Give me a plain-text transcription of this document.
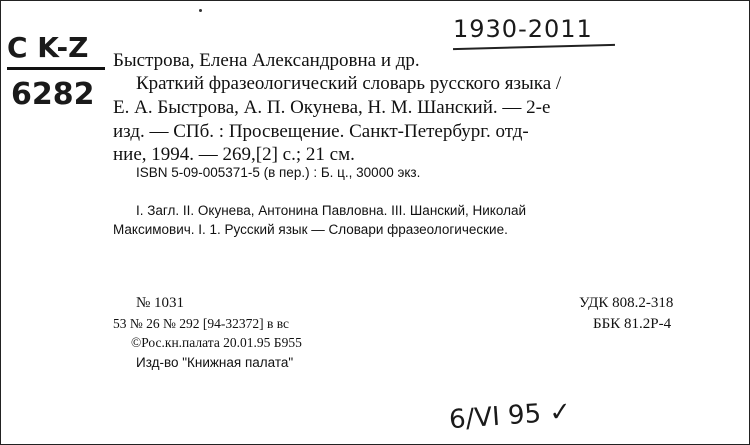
1930-2011
C K-Z
6282
Быстрова, Елена Александровна и др.
Краткий фразеологический словарь русского языка /
Е. А. Быстрова, А. П. Окунева, Н. М. Шанский. — 2-е
изд. — СПб. : Просвещение. Санкт-Петербург. отд-
ние, 1994. — 269,[2] с.; 21 см.
ISBN 5-09-005371-5 (в пер.) : Б. ц., 30000 экз.
I. Загл. II. Окунева, Антонина Павловна. III. Шанский, Николай
Максимович. I. 1. Русский язык — Словари фразеологические.
№ 1031
53 № 26 № 292 [94-32372] в вс
©Рос.кн.палата 20.01.95 Б955
Изд-во "Книжная палата"
УДК 808.2-318
ББК 81.2Р-4
6/VI 95 ✓
